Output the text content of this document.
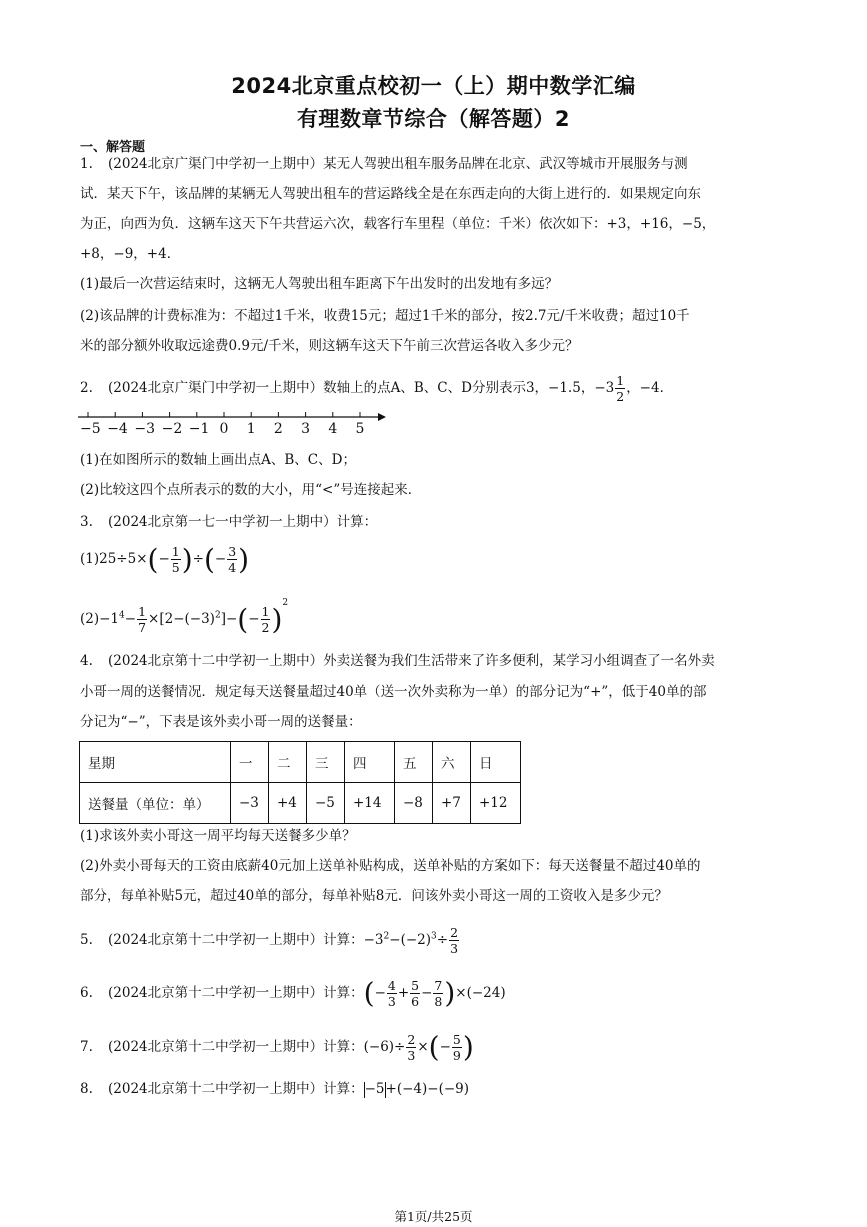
2024北京重点校初一（上）期中数学汇编
有理数章节综合（解答题）2
一、解答题
1. (2024北京广渠门中学初一上期中）某无人驾驶出租车服务品牌在北京、武汉等城市开展服务与测
试．某天下午，该品牌的某辆无人驾驶出租车的营运路线全是在东西走向的大街上进行的．如果规定向东
为正，向西为负．这辆车这天下午共营运六次，载客行车里程（单位：千米）依次如下：+3，+16，−5，
+8，−9，+4．
(1)最后一次营运结束时，这辆无人驾驶出租车距离下午出发时的出发地有多远？
(2)该品牌的计费标准为：不超过1千米，收费15元；超过1千米的部分，按2.7元/千米收费；超过10千
米的部分额外收取远途费0.9元/千米，则这辆车这天下午前三次营运各收入多少元？
2. (2024北京广渠门中学初一上期中）数轴上的点A、B、C、D分别表示3，−1.5，$-3 \frac{1}{2}$ ，−4．
−5 −4 −3 −2 −1 0 1 2 3 4 5
(1)在如图所示的数轴上画出点A、B、C、D；
(2)比较这四个点所表示的数的大小，用“<”号连接起来．
3. (2024北京第一七一中学初一上期中）计算：
$(1)25\div 5\times(- \frac{1}{5}$ )÷(− $\frac{3}{4}$ )
$(2)-1^4- \frac{1}{7} \times[2-(-3)^2]-(- \frac{1}{2} )^2$
4. (2024北京第十二中学初一上期中）外卖送餐为我们生活带来了许多便利，某学习小组调查了一名外卖
小哥一周的送餐情况．规定每天送餐量超过40单（送一次外卖称为一单）的部分记为“+”，低于40单的部
分记为“−”，下表是该外卖小哥一周的送餐量：
星期	一	二	三	四	五	六	日
送餐量（单位：单）	−3	+4	−5	+14	−8	+7	+12
(1)求该外卖小哥这一周平均每天送餐多少单？
(2)外卖小哥每天的工资由底薪40元加上送单补贴构成，送单补贴的方案如下：每天送餐量不超过40单的
部分，每单补贴5元，超过40单的部分，每单补贴8元．问该外卖小哥这一周的工资收入是多少元？
5. (2024北京第十二中学初一上期中）计算：$-3^2-(-2)^3\div \frac{2}{3}$
6. (2024北京第十二中学初一上期中）计算：(− $\frac{4}{3} + \frac{5}{6} - \frac{7}{8} )\times(-24)$
7. (2024北京第十二中学初一上期中）计算：$(-6)\div \frac{2}{3}$ ×(− $\frac{5}{9}$ )
8. (2024北京第十二中学初一上期中）计算：−5+(−4)−(−9)
第1页/共25页
